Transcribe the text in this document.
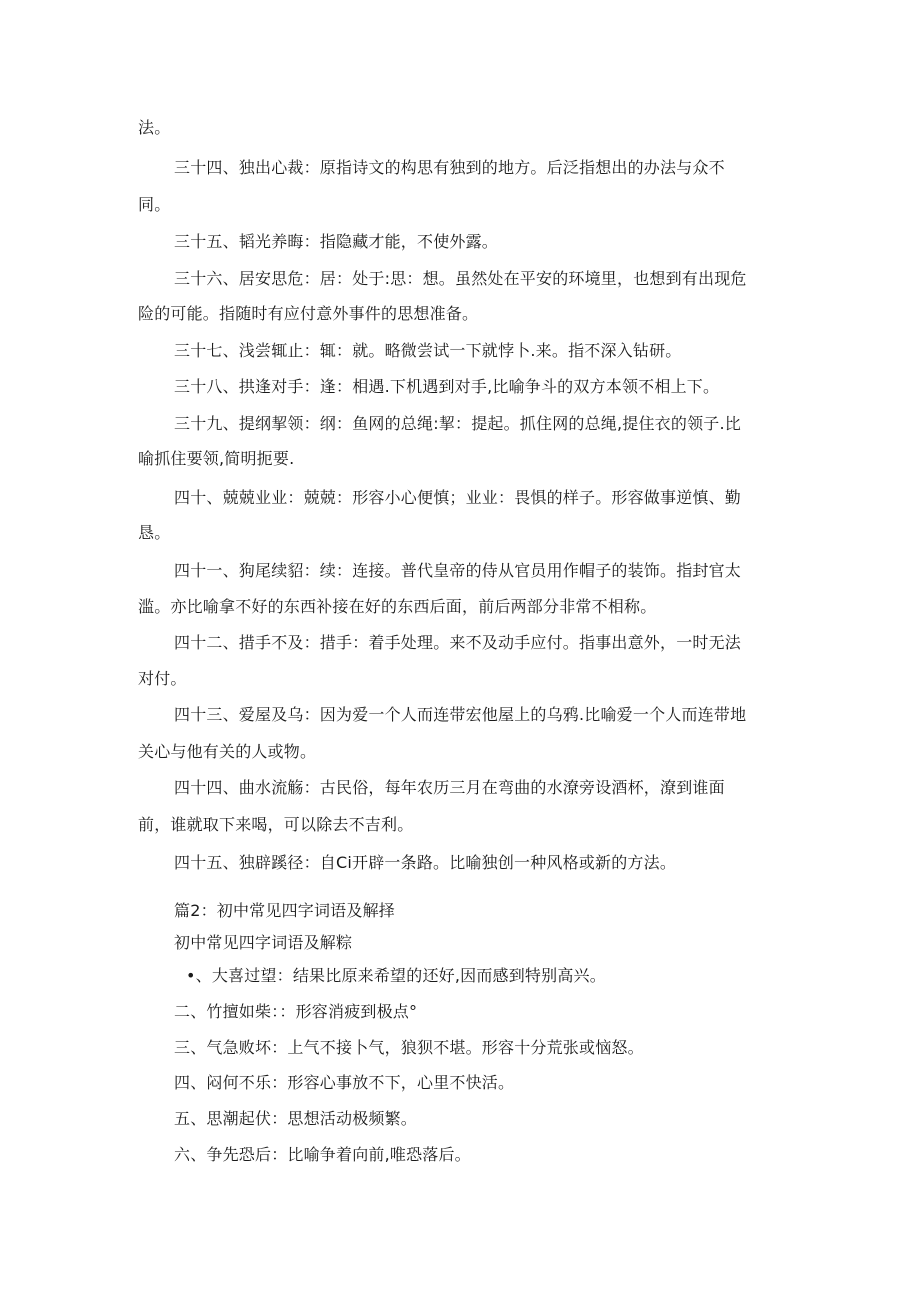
法。
三十四、独出心裁：原指诗文的构思有独到的地方。后泛指想出的办法与众不
同。
三十五、韬光养晦：指隐藏才能，不使外露。
三十六、居安思危：居：处于:思：想。虽然处在平安的环境里，也想到有出现危
险的可能。指随时有应付意外事件的思想准备。
三十七、浅尝辄止：辄：就。略微尝试一下就悖卜.来。指不深入钻研。
三十八、拱逢对手：逢：相遇.下机遇到对手,比喻争斗的双方本领不相上下。
三十九、提纲挈领：纲：鱼网的总绳:挈：提起。抓住网的总绳,提住衣的领子.比
喻抓住要领,简明扼要.
四十、兢兢业业：兢兢：形容小心便慎；业业：畏惧的样子。形容做事逆慎、勤
恳。
四十一、狗尾续貂：续：连接。普代皇帝的侍从官员用作帽子的装饰。指封官太
滥。亦比喻拿不好的东西补接在好的东西后面，前后两部分非常不相称。
四十二、措手不及：措手：着手处理。来不及动手应付。指事出意外，一时无法
对付。
四十三、爱屋及乌：因为爱一个人而连带宏他屋上的乌鸦.比喻爱一个人而连带地
关心与他有关的人或物。
四十四、曲水流觞：古民俗，每年农历三月在弯曲的水潦旁设酒杯，潦到谁面
前，谁就取下来喝，可以除去不吉利。
四十五、独辟蹊径：自Ci开辟一条路。比喻独创一种风格或新的方法。
篇2：初中常见四字词语及解择
初中常见四字词语及解粽
•、大喜过望：结果比原来希望的还好,因而感到特别高兴。
二、竹擅如柴：：形容消疲到极点°
三、气急败坏：上气不接卜气，狼狈不堪。形容十分荒张或恼怒。
四、闷何不乐：形容心事放不下，心里不快活。
五、思潮起伏：思想活动极频繁。
六、争先恐后：比喻争着向前,唯恐落后。
